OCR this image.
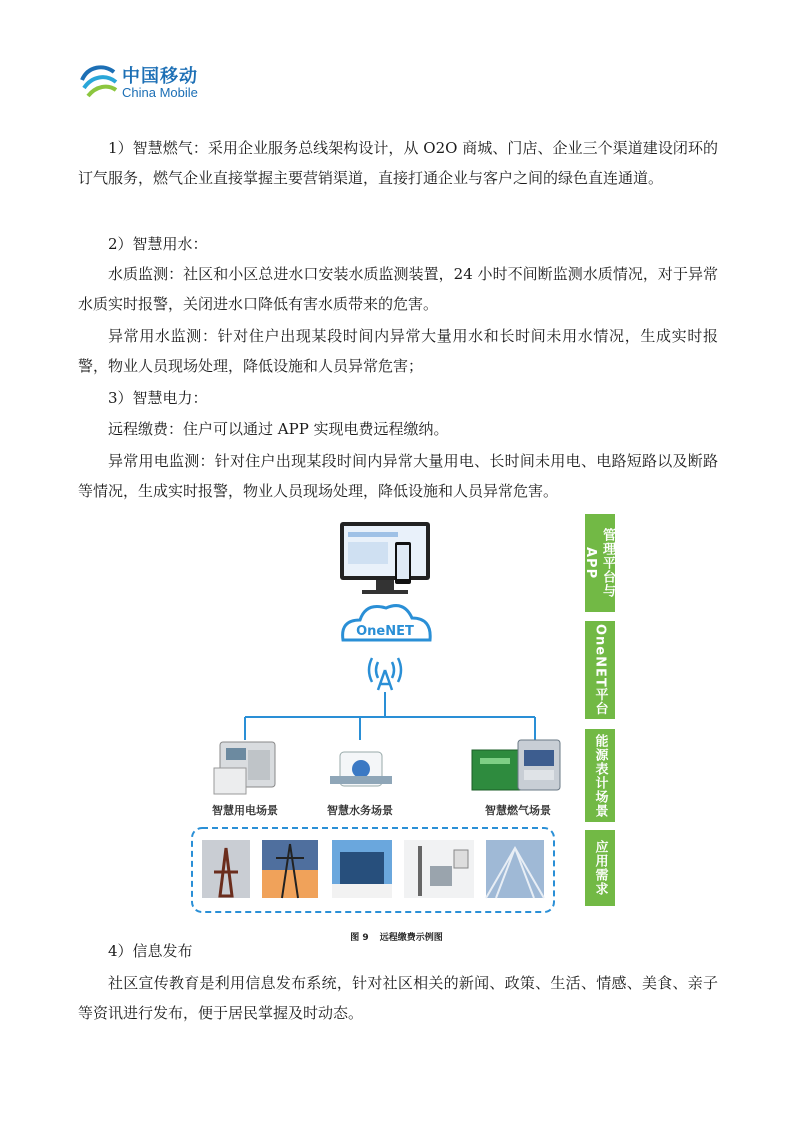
中国移动
China Mobile

1）智慧燃气：采用企业服务总线架构设计，从 O2O 商城、门店、企业三个渠道建设闭环的订气服务，燃气企业直接掌握主要营销渠道，直接打通企业与客户之间的绿色直连通道。

2）智慧用水：

水质监测：社区和小区总进水口安装水质监测装置，24 小时不间断监测水质情况，对于异常水质实时报警，关闭进水口降低有害水质带来的危害。

异常用水监测：针对住户出现某段时间内异常大量用水和长时间未用水情况，生成实时报警，物业人员现场处理，降低设施和人员异常危害；

3）智慧电力：

远程缴费：住户可以通过 APP 实现电费远程缴纳。

异常用电监测：针对住户出现某段时间内异常大量用电、长时间未用电、电路短路以及断路等情况，生成实时报警，物业人员现场处理，降低设施和人员异常危害。

OneNET
智慧用电场景	智慧水务场景	智慧燃气场景
管理平台与APP
OneNET平台
能源表计场景
应用需求
图 9 远程缴费示例图

4）信息发布

社区宣传教育是利用信息发布系统，针对社区相关的新闻、政策、生活、情感、美食、亲子等资讯进行发布，便于居民掌握及时动态。
